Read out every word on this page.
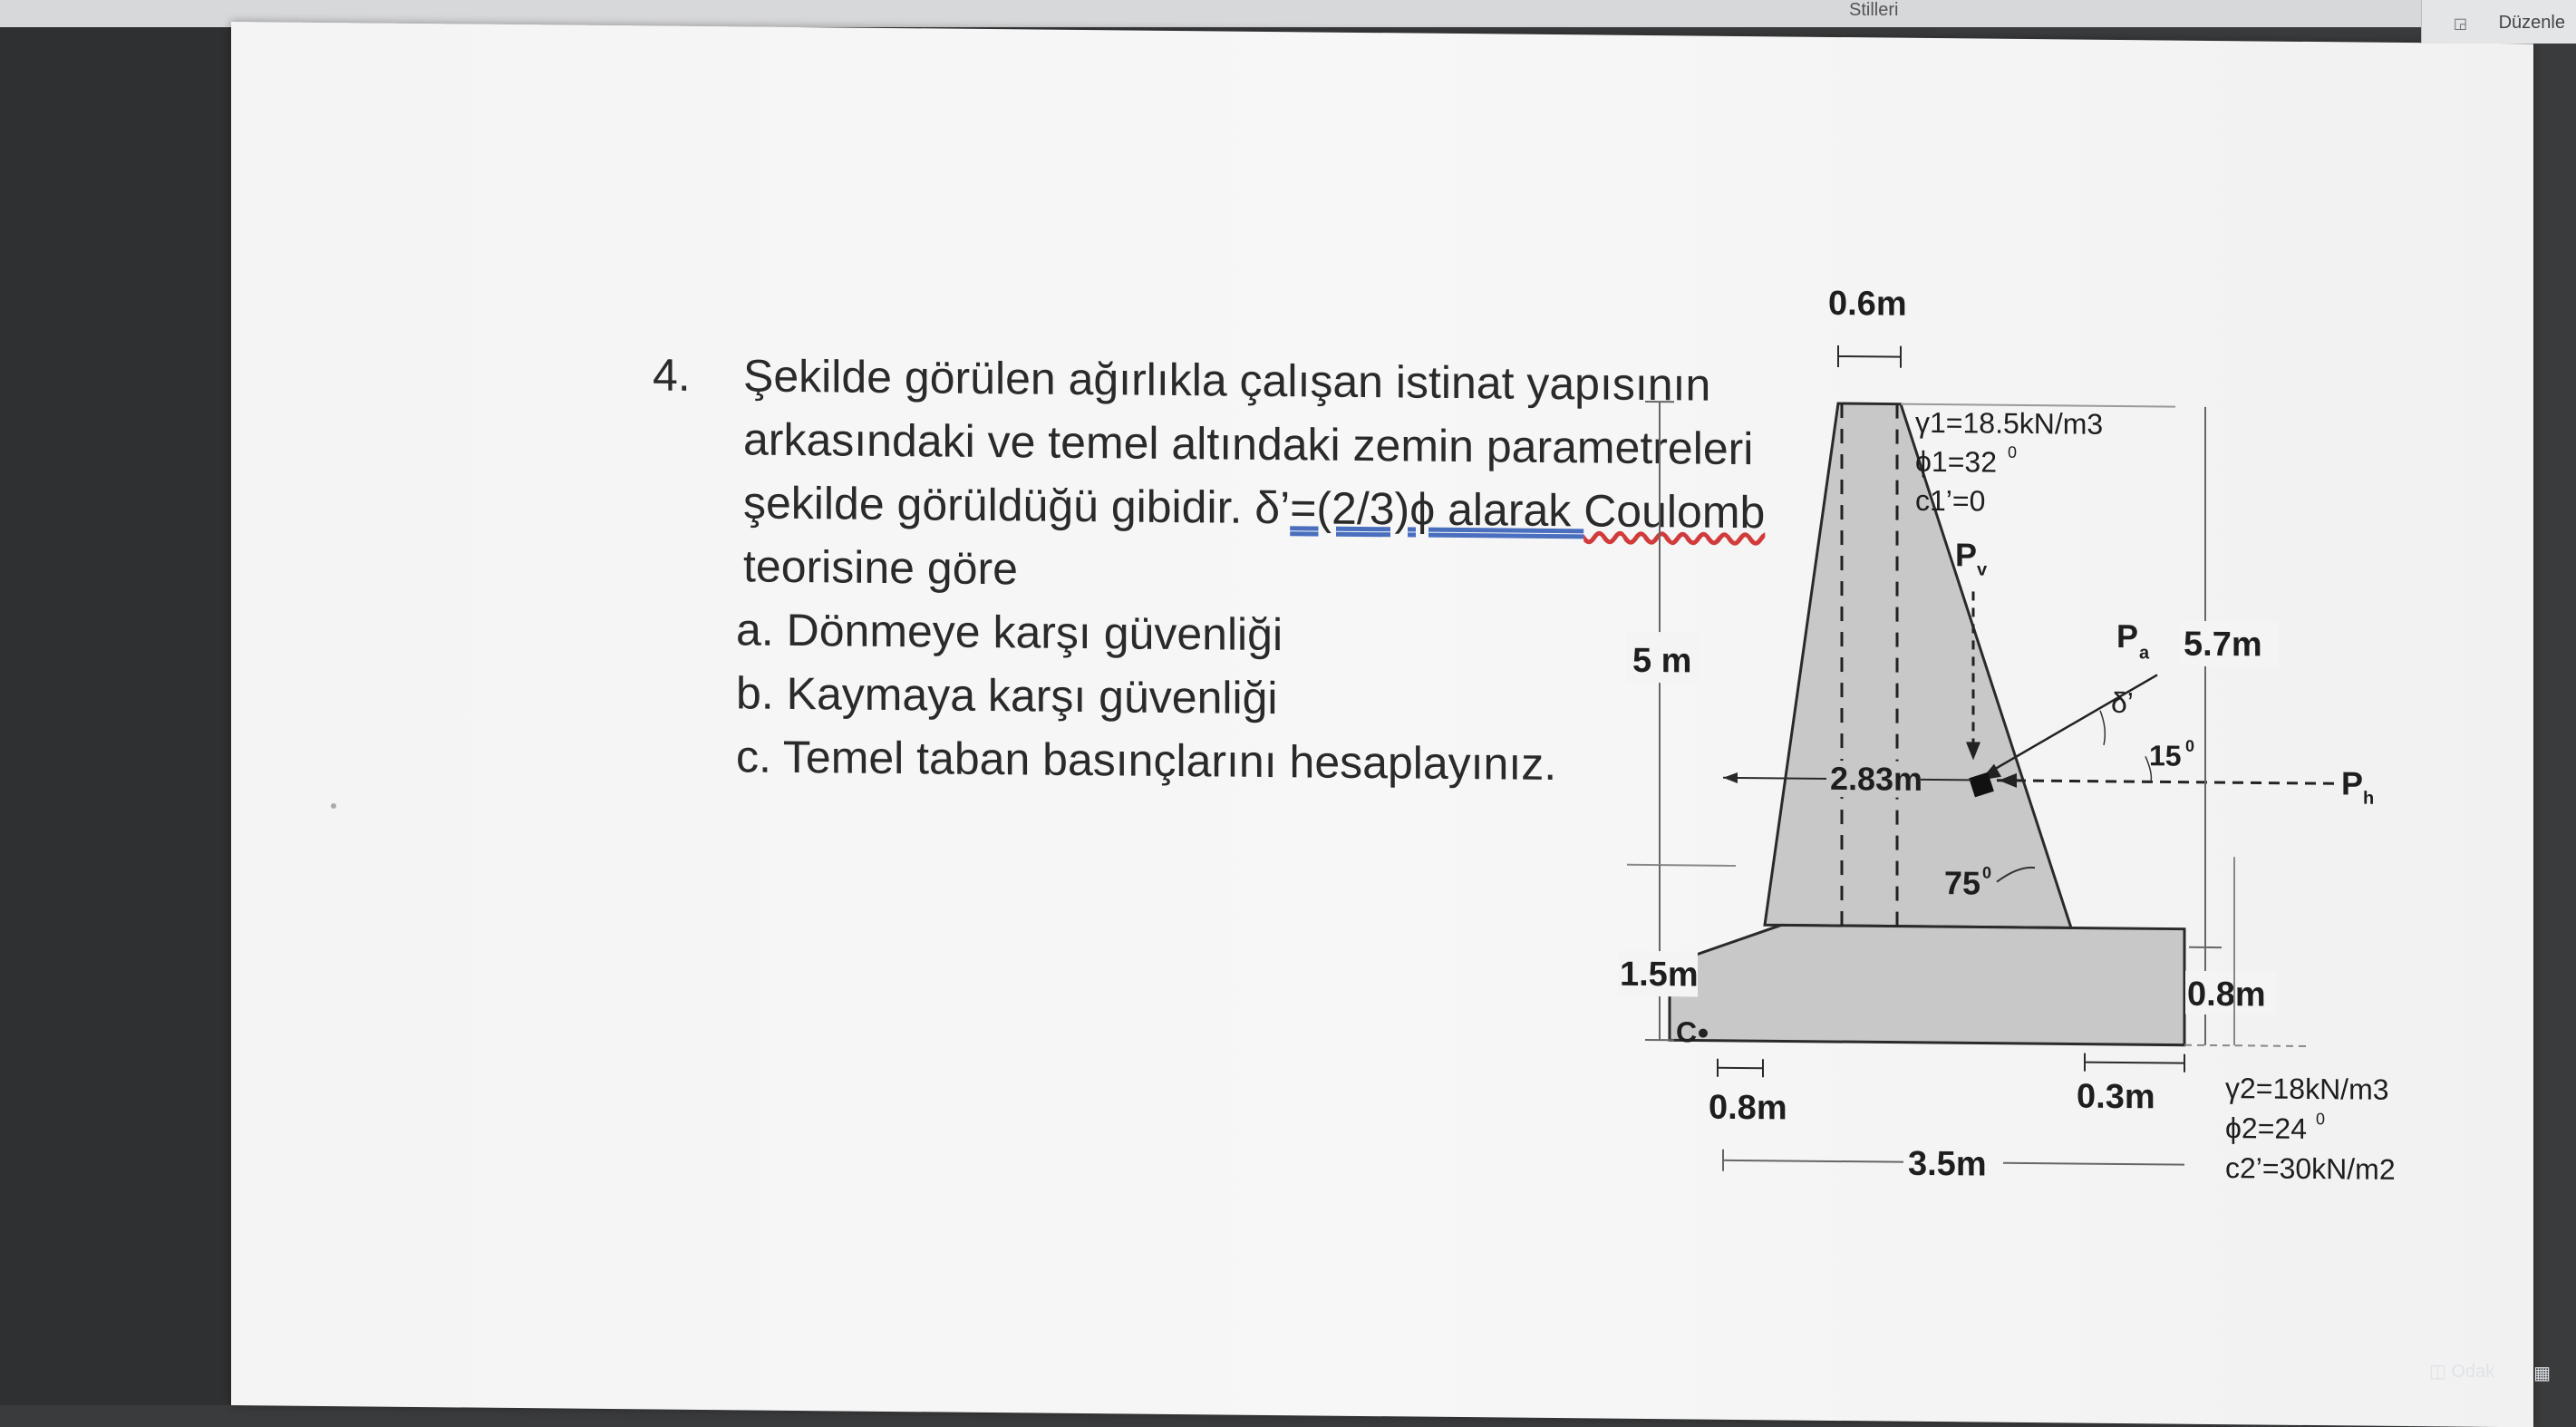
Stilleri
4. Şekilde görülen ağırlıkla çalışan istinat yapısının
arkasındaki ve temel altındaki zemin parametreleri
şekilde görüldüğü gibidir. δ’=(2/3)ϕ alarak Coulomb
teorisine göre
a. Dönmeye karşı güvenliği
b. Kaymaya karşı güvenliği
c. Temel taban basınçlarını hesaplayınız.
0.6m
γ1=18.5kN/m3
ϕ1=32 0
c1’=0
P v
P a
δ’
P h
15 0
2.83m
75 0
5 m
1.5m
C
0.8m
3.5m
0.3m
5.7m
0.8m
γ2=18kN/m3
ϕ2=24 0
c2’=30kN/m2
◲ Düzenle
◫ Odak ▦
